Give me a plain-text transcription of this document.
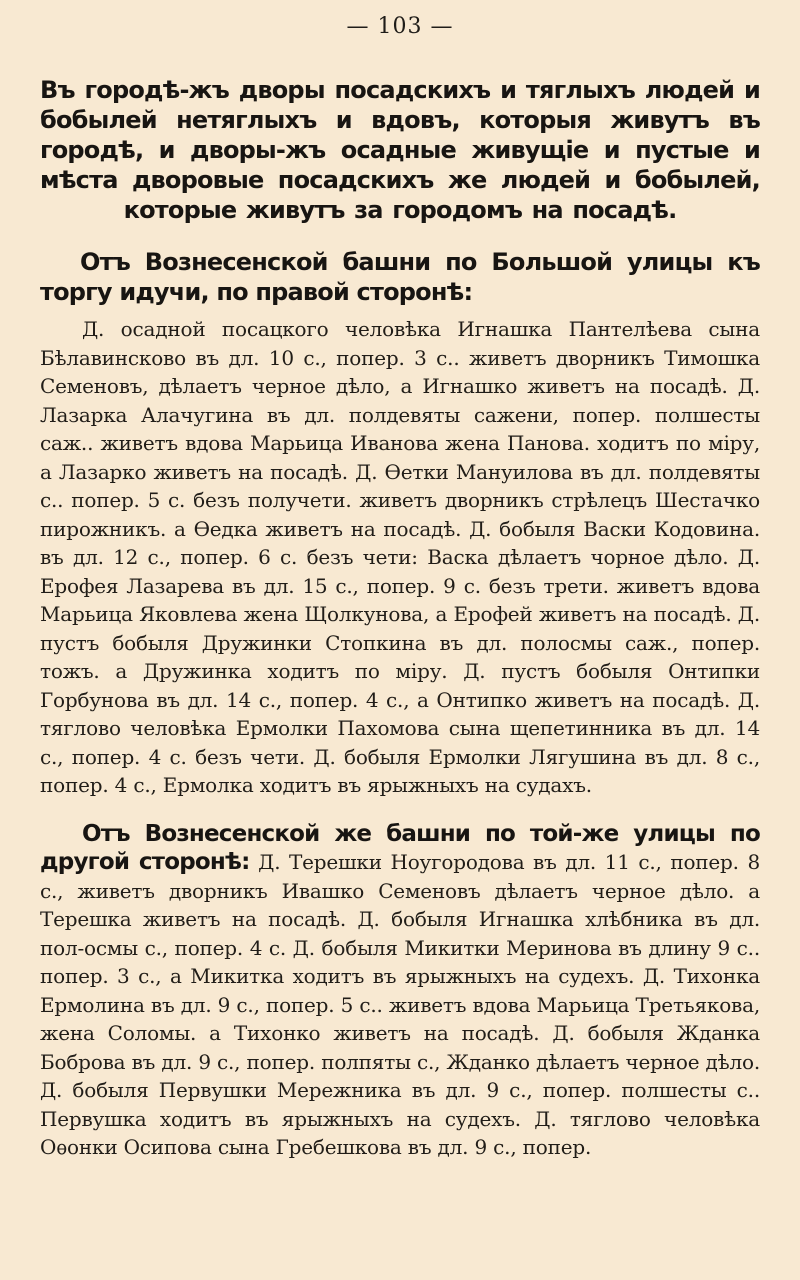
— 103 —
Въ городѣ-жъ дворы посадскихъ и тяглыхъ людей и бобылей нетяглыхъ и вдовъ, которыя живутъ въ городѣ, и дворы-жъ осадные живущіе и пустые и мѣста дворовые посадскихъ же людей и бобылей, которые живутъ за городомъ на посадѣ.
Отъ Вознесенской башни по Большой улицы къ торгу идучи, по правой сторонѣ:

Д. осадной посацкого человѣка Игнашка Пантелѣева сына Бѣлавинсково въ дл. 10 с., попер. 3 с.. живетъ дворникъ Тимошка Семеновъ, дѣлаетъ черное дѣло, а Игнашко живетъ на посадѣ. Д. Лазарка Алачугина въ дл. полдевяты сажени, попер. полшесты саж.. живетъ вдова Марьица Иванова жена Панова. ходитъ по міру, а Лазарко живетъ на посадѣ. Д. Ѳетки Мануилова въ дл. полдевяты с.. попер. 5 с. безъ получети. живетъ дворникъ стрѣлецъ Шестачко пирожникъ. а Ѳедка живетъ на посадѣ. Д. бобыля Васки Кодовина. въ дл. 12 с., попер. 6 с. безъ чети: Васка дѣлаетъ чорное дѣло. Д. Ерофея Лазарева въ дл. 15 с., попер. 9 с. безъ трети. живетъ вдова Марьица Яковлева жена Щолкунова, а Ерофей живетъ на посадѣ. Д. пустъ бобыля Дружинки Стопкина въ дл. полосмы саж., попер. тожъ. а Дружинка ходитъ по міру. Д. пустъ бобыля Онтипки Горбунова въ дл. 14 с., попер. 4 с., а Онтипко живетъ на посадѣ. Д. тяглово человѣка Ермолки Пахомова сына щепетинника въ дл. 14 с., попер. 4 с. безъ чети. Д. бобыля Ермолки Лягушина въ дл. 8 с., попер. 4 с., Ермолка ходитъ въ ярыжныхъ на судахъ.

Отъ Вознесенской же башни по той-же улицы по другой сторонѣ: Д. Терешки Ноугородова въ дл. 11 с., попер. 8 с., живетъ дворникъ Ивашко Семеновъ дѣлаетъ черное дѣло. а Терешка живетъ на посадѣ. Д. бобыля Игнашка хлѣбника въ дл. пол-осмы с., попер. 4 с. Д. бобыля Микитки Меринова въ длину 9 с.. попер. 3 с., а Микитка ходитъ въ ярыжныхъ на судехъ. Д. Тихонка Ермолина въ дл. 9 с., попер. 5 с.. живетъ вдова Марьица Третьякова, жена Соломы. а Тихонко живетъ на посадѣ. Д. бобыля Жданка Боброва въ дл. 9 с., попер. полпяты с., Жданко дѣлаетъ черное дѣло. Д. бобыля Первушки Мережника въ дл. 9 с., попер. полшесты с.. Первушка ходитъ въ ярыжныхъ на судехъ. Д. тяглово человѣка Оѳонки Осипова сына Гребешкова въ дл. 9 с., попер.
